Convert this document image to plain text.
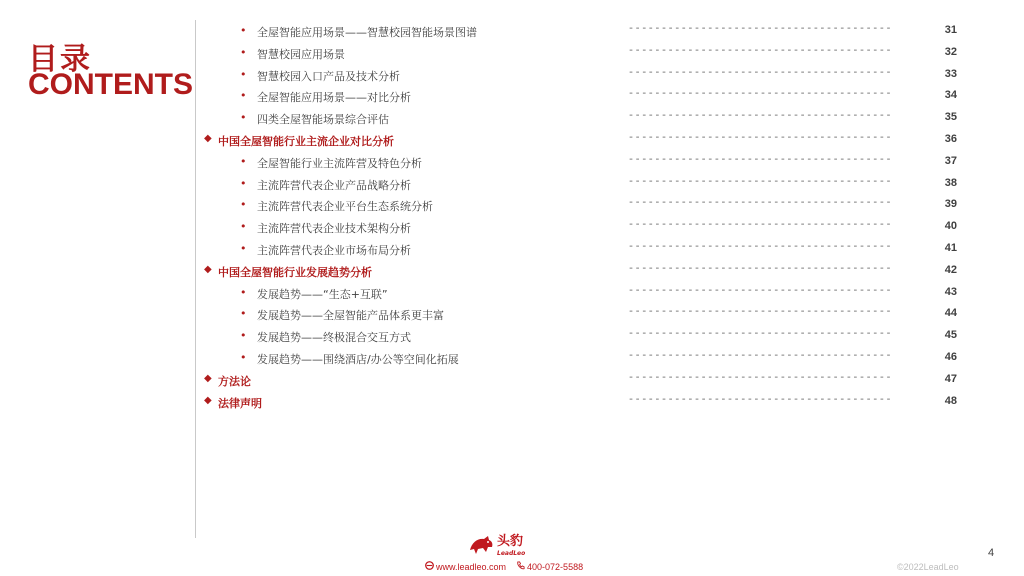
目录
CONTENTS
• 全屋智能应用场景——智慧校园智能场景图谱	----------------------------------------	31
• 智慧校园应用场景	----------------------------------------	32
• 智慧校园入口产品及技术分析	----------------------------------------	33
• 全屋智能应用场景——对比分析	----------------------------------------	34
• 四类全屋智能场景综合评估	----------------------------------------	35
◆ 中国全屋智能行业主流企业对比分析	----------------------------------------	36
• 全屋智能行业主流阵营及特色分析	----------------------------------------	37
• 主流阵营代表企业产品战略分析	----------------------------------------	38
• 主流阵营代表企业平台生态系统分析	----------------------------------------	39
• 主流阵营代表企业技术架构分析	----------------------------------------	40
• 主流阵营代表企业市场布局分析	----------------------------------------	41
◆ 中国全屋智能行业发展趋势分析	----------------------------------------	42
• 发展趋势——“生态+互联”	----------------------------------------	43
• 发展趋势——全屋智能产品体系更丰富	----------------------------------------	44
• 发展趋势——终极混合交互方式	----------------------------------------	45
• 发展趋势——围绕酒店/办公等空间化拓展	----------------------------------------	46
◆ 方法论	----------------------------------------	47
◆ 法律声明	----------------------------------------	48
头豹
LeadLeo
www.leadleo.com 400-072-5588	©2022LeadLeo
4
